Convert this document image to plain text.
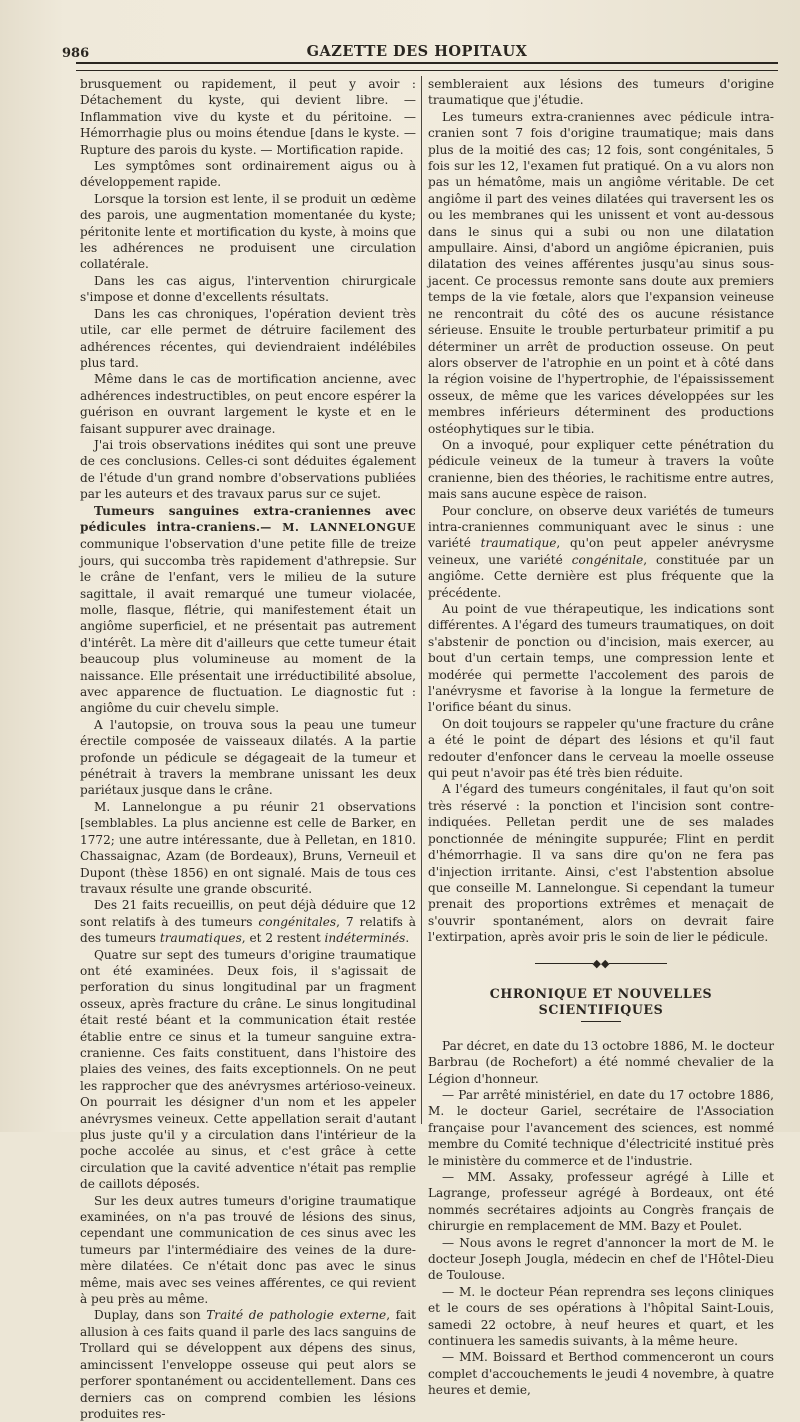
986	GAZETTE DES HOPITAUX

brusquement ou rapidement, il peut y avoir : Détachement du kyste, qui devient libre. — Inflammation vive du kyste et du péritoine. — Hémorrhagie plus ou moins étendue [dans le kyste. — Rupture des parois du kyste. — Mortification rapide.

Les symptômes sont ordinairement aigus ou à développement rapide.

Lorsque la torsion est lente, il se produit un œdème des parois, une augmentation momentanée du kyste; péritonite lente et mortification du kyste, à moins que les adhérences ne produisent une circulation collatérale.

Dans les cas aigus, l'intervention chirurgicale s'impose et donne d'excellents résultats.

Dans les cas chroniques, l'opération devient très utile, car elle permet de détruire facilement des adhérences récentes, qui deviendraient indélébiles plus tard.

Même dans le cas de mortification ancienne, avec adhérences indestructibles, on peut encore espérer la guérison en ouvrant largement le kyste et en le faisant suppurer avec drainage.

J'ai trois observations inédites qui sont une preuve de ces conclusions. Celles-ci sont déduites également de l'étude d'un grand nombre d'observations publiées par les auteurs et des travaux parus sur ce sujet.

Tumeurs sanguines extra-craniennes avec pédicules intra-craniens.— M. LANNELONGUE communique l'observation d'une petite fille de treize jours, qui succomba très rapidement d'athrepsie. Sur le crâne de l'enfant, vers le milieu de la suture sagittale, il avait remarqué une tumeur violacée, molle, flasque, flétrie, qui manifestement était un angiôme superficiel, et ne présentait pas autrement d'intérêt. La mère dit d'ailleurs que cette tumeur était beaucoup plus volumineuse au moment de la naissance. Elle présentait une irréductibilité absolue, avec apparence de fluctuation. Le diagnostic fut : angiôme du cuir chevelu simple.

A l'autopsie, on trouva sous la peau une tumeur érectile composée de vaisseaux dilatés. A la partie profonde un pédicule se dégageait de la tumeur et pénétrait à travers la membrane unissant les deux pariétaux jusque dans le crâne.

M. Lannelongue a pu réunir 21 observations [semblables. La plus ancienne est celle de Barker, en 1772; une autre intéressante, due à Pelletan, en 1810. Chassaignac, Azam (de Bordeaux), Bruns, Verneuil et Dupont (thèse 1856) en ont signalé. Mais de tous ces travaux résulte une grande obscurité.

Des 21 faits recueillis, on peut déjà déduire que 12 sont relatifs à des tumeurs congénitales, 7 relatifs à des tumeurs traumatiques, et 2 restent indéterminés.

Quatre sur sept des tumeurs d'origine traumatique ont été examinées. Deux fois, il s'agissait de perforation du sinus longitudinal par un fragment osseux, après fracture du crâne. Le sinus longitudinal était resté béant et la communication était restée établie entre ce sinus et la tumeur sanguine extra-cranienne. Ces faits constituent, dans l'histoire des plaies des veines, des faits exceptionnels. On ne peut les rapprocher que des anévrysmes artérioso-veineux. On pourrait les désigner d'un nom et les appeler anévrysmes veineux. Cette appellation serait d'autant plus juste qu'il y a circulation dans l'intérieur de la poche accolée au sinus, et c'est grâce à cette circulation que la cavité adventice n'était pas remplie de caillots déposés.

Sur les deux autres tumeurs d'origine traumatique examinées, on n'a pas trouvé de lésions des sinus, cependant une communication de ces sinus avec les tumeurs par l'intermédiaire des veines de la dure-mère dilatées. Ce n'était donc pas avec le sinus même, mais avec ses veines afférentes, ce qui revient à peu près au même.

Duplay, dans son Traité de pathologie externe, fait allusion à ces faits quand il parle des lacs sanguins de Trollard qui se développent aux dépens des sinus, amincissent l'enveloppe osseuse qui peut alors se perforer spontanément ou accidentellement. Dans ces derniers cas on comprend combien les lésions produites res-

sembleraient aux lésions des tumeurs d'origine traumatique que j'étudie.

Les tumeurs extra-craniennes avec pédicule intra-cranien sont 7 fois d'origine traumatique; mais dans plus de la moitié des cas; 12 fois, sont congénitales, 5 fois sur les 12, l'examen fut pratiqué. On a vu alors non pas un hématôme, mais un angiôme véritable. De cet angiôme il part des veines dilatées qui traversent les os ou les membranes qui les unissent et vont au-dessous dans le sinus qui a subi ou non une dilatation ampullaire. Ainsi, d'abord un angiôme épicranien, puis dilatation des veines afférentes jusqu'au sinus sous-jacent. Ce processus remonte sans doute aux premiers temps de la vie fœtale, alors que l'expansion veineuse ne rencontrait du côté des os aucune résistance sérieuse. Ensuite le trouble perturbateur primitif a pu déterminer un arrêt de production osseuse. On peut alors observer de l'atrophie en un point et à côté dans la région voisine de l'hypertrophie, de l'épaississement osseux, de même que les varices développées sur les membres inférieurs déterminent des productions ostéophytiques sur le tibia.

On a invoqué, pour expliquer cette pénétration du pédicule veineux de la tumeur à travers la voûte cranienne, bien des théories, le rachitisme entre autres, mais sans aucune espèce de raison.

Pour conclure, on observe deux variétés de tumeurs intra-craniennes communiquant avec le sinus : une variété traumatique, qu'on peut appeler anévrysme veineux, une variété congénitale, constituée par un angiôme. Cette dernière est plus fréquente que la précédente.

Au point de vue thérapeutique, les indications sont différentes. A l'égard des tumeurs traumatiques, on doit s'abstenir de ponction ou d'incision, mais exercer, au bout d'un certain temps, une compression lente et modérée qui permette l'accolement des parois de l'anévrysme et favorise à la longue la fermeture de l'orifice béant du sinus.

On doit toujours se rappeler qu'une fracture du crâne a été le point de départ des lésions et qu'il faut redouter d'enfoncer dans le cerveau la moelle osseuse qui peut n'avoir pas été très bien réduite.

A l'égard des tumeurs congénitales, il faut qu'on soit très réservé : la ponction et l'incision sont contre-indiquées. Pelletan perdit une de ses malades ponctionnée de méningite suppurée; Flint en perdit d'hémorrhagie. Il va sans dire qu'on ne fera pas d'injection irritante. Ainsi, c'est l'abstention absolue que conseille M. Lannelongue. Si cependant la tumeur prenait des proportions extrêmes et menaçait de s'ouvrir spontanément, alors on devrait faire l'extirpation, après avoir pris le soin de lier le pédicule.

◆◆
CHRONIQUE ET NOUVELLES SCIENTIFIQUES

Par décret, en date du 13 octobre 1886, M. le docteur Barbrau (de Rochefort) a été nommé chevalier de la Légion d'honneur.

— Par arrêté ministériel, en date du 17 octobre 1886, M. le docteur Gariel, secrétaire de l'Association française pour l'avancement des sciences, est nommé membre du Comité technique d'électricité institué près le ministère du commerce et de l'industrie.

— MM. Assaky, professeur agrégé à Lille et Lagrange, professeur agrégé à Bordeaux, ont été nommés secrétaires adjoints au Congrès français de chirurgie en remplacement de MM. Bazy et Poulet.

— Nous avons le regret d'annoncer la mort de M. le docteur Joseph Jougla, médecin en chef de l'Hôtel-Dieu de Toulouse.

— M. le docteur Péan reprendra ses leçons cliniques et le cours de ses opérations à l'hôpital Saint-Louis, samedi 22 octobre, à neuf heures et quart, et les continuera les samedis suivants, à la même heure.

— MM. Boissard et Berthod commenceront un cours complet d'accouchements le jeudi 4 novembre, à quatre heures et demie,
